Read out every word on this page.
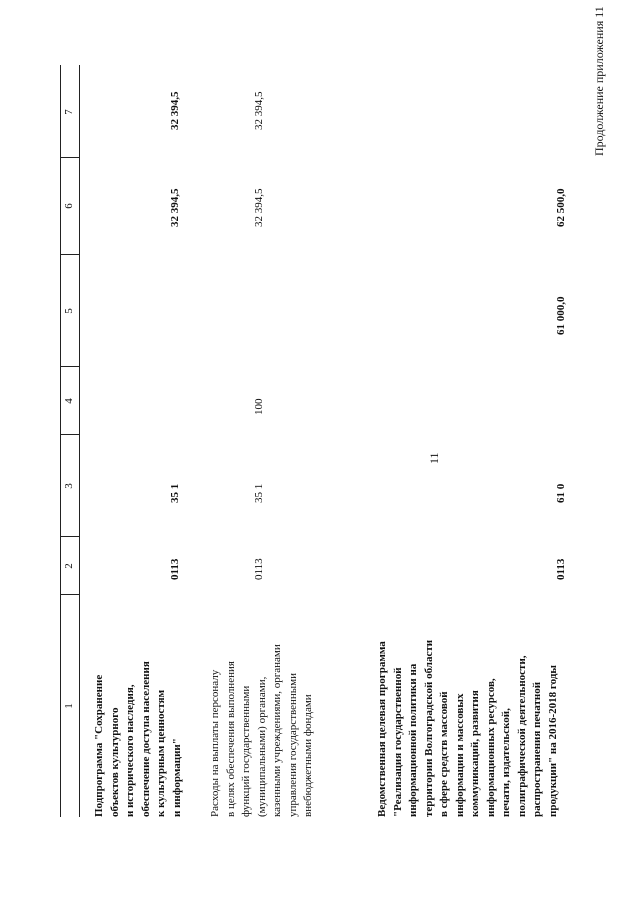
11
Продолжение приложения 11
1
2
3
4
5
6
7
Подпрограмма "Сохранение
объектов культурного
и исторического наследия,
обеспечение доступа населения
к культурным ценностям
и информации"
0113
35 1
32 394,5
32 394,5
Расходы на выплаты персоналу
в целях обеспечения выполнения
функций государственными
(муниципальными) органами,
казенными учреждениями, органами
управления государственными
внебюджетными фондами
0113
35 1
100
32 394,5
32 394,5
Ведомственная целевая программа
"Реализация государственной
информационной политики на
территории Волгоградской области
в сфере средств массовой
информации и массовых
коммуникаций, развития
информационных ресурсов,
печати, издательской,
полиграфической деятельности,
распространения печатной
продукции" на 2016-2018 годы
0113
61 0
61 000,0
62 500,0
